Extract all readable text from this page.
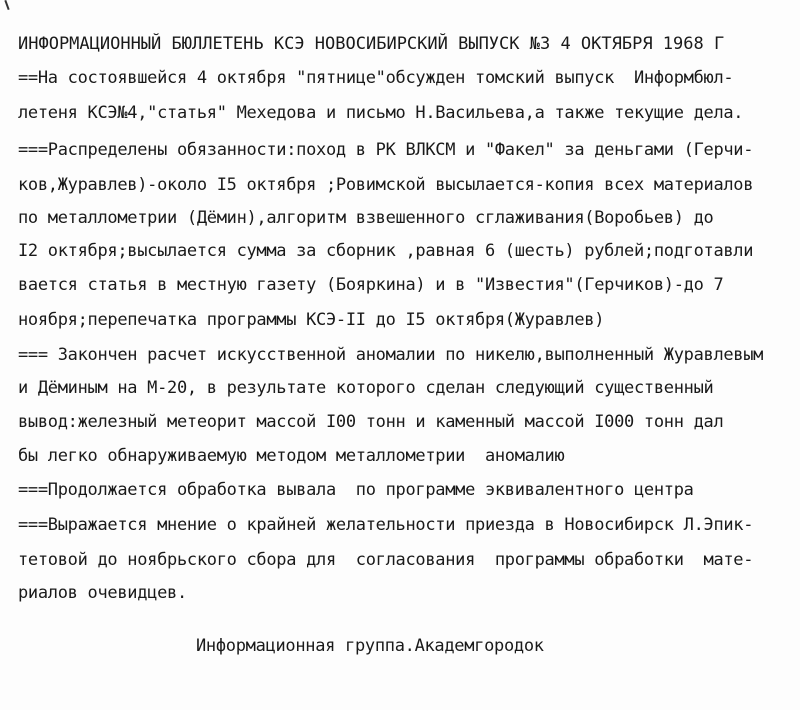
ИНФОРМАЦИОННЫЙ БЮЛЛЕТЕНЬ КСЭ НОВОСИБИРСКИЙ ВЫПУСК №3 4 ОКТЯБРЯ 1968 Г
==На состоявшейся 4 октября "пятнице"обсужден томский выпуск  Информбюл-
летеня КСЭ№4,"статья" Мехедова и письмо Н.Васильева,а также текущие дела.
===Распределены обязанности:поход в РК ВЛКСМ и "Факел" за деньгами (Герчи-
ков,Журавлев)-около I5 октября ;Ровимской высылается-копия всех материалов
по металлометрии (Дёмин),алгоритм взвешенного сглаживания(Воробьев) до
I2 октября;высылается сумма за сборник ,равная 6 (шесть) рублей;подготавли
вается статья в местную газету (Бояркина) и в "Известия"(Герчиков)-до 7
ноября;перепечатка программы КСЭ-II до I5 октября(Журавлев)
=== Закончен расчет искусственной аномалии по никелю,выполненный Журавлевым
и Дёминым на М-20, в результате которого сделан следующий существенный
вывод:железный метеорит массой I00 тонн и каменный массой I000 тонн дал
бы легко обнаруживаемую методом металлометрии  аномалию
===Продолжается обработка вывала  по программе эквивалентного центра
===Выражается мнение о крайней желательности приезда в Новосибирск Л.Эпик-
тетовой до ноябрьского сбора для  согласования  программы обработки  мате-
риалов очевидцев.
Информационная группа.Академгородок
